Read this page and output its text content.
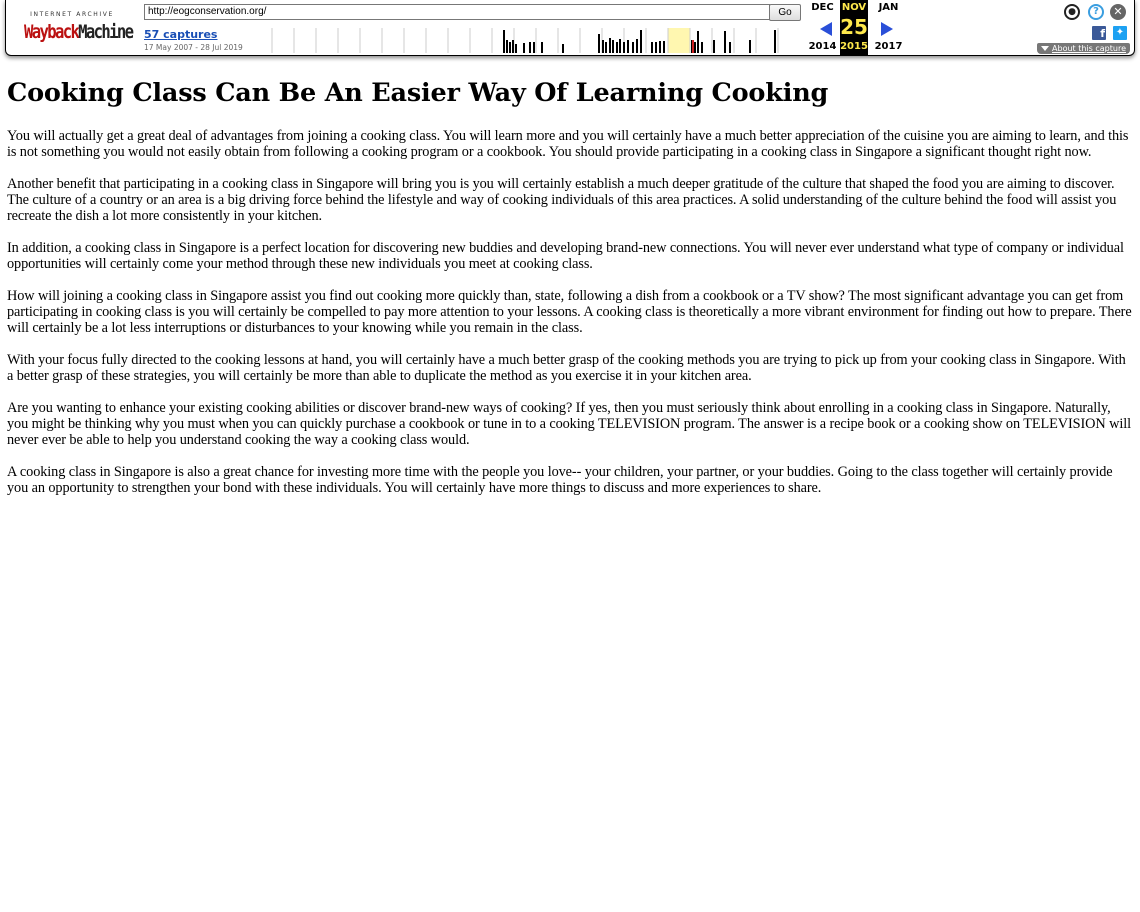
INTERNET ARCHIVE
WaybackMachine
http://eogconservation.org/	Go
57 captures
17 May 2007 - 28 Jul 2019
DEC
2014
NOV
25
2015
JAN
2017
●	?	✕
f ✦
About this capture
Cooking Class Can Be An Easier Way Of Learning Cooking

You will actually get a great deal of advantages from joining a cooking class. You will learn more and you will certainly have a much better appreciation of the cuisine you are aiming to learn, and this is not something you would not easily obtain from following a cooking program or a cookbook. You should provide participating in a cooking class in Singapore a significant thought right now.

Another benefit that participating in a cooking class in Singapore will bring you is you will certainly establish a much deeper gratitude of the culture that shaped the food you are aiming to discover. The culture of a country or an area is a big driving force behind the lifestyle and way of cooking individuals of this area practices. A solid understanding of the culture behind the food will assist you recreate the dish a lot more consistently in your kitchen.

In addition, a cooking class in Singapore is a perfect location for discovering new buddies and developing brand-new connections. You will never ever understand what type of company or individual opportunities will certainly come your method through these new individuals you meet at cooking class.

How will joining a cooking class in Singapore assist you find out cooking more quickly than, state, following a dish from a cookbook or a TV show? The most significant advantage you can get from participating in cooking class is you will certainly be compelled to pay more attention to your lessons. A cooking class is theoretically a more vibrant environment for finding out how to prepare. There will certainly be a lot less interruptions or disturbances to your knowing while you remain in the class.

With your focus fully directed to the cooking lessons at hand, you will certainly have a much better grasp of the cooking methods you are trying to pick up from your cooking class in Singapore. With a better grasp of these strategies, you will certainly be more than able to duplicate the method as you exercise it in your kitchen area.

Are you wanting to enhance your existing cooking abilities or discover brand-new ways of cooking? If yes, then you must seriously think about enrolling in a cooking class in Singapore. Naturally, you might be thinking why you must when you can quickly purchase a cookbook or tune in to a cooking TELEVISION program. The answer is a recipe book or a cooking show on TELEVISION will never ever be able to help you understand cooking the way a cooking class would.

A cooking class in Singapore is also a great chance for investing more time with the people you love-- your children, your partner, or your buddies. Going to the class together will certainly provide you an opportunity to strengthen your bond with these individuals. You will certainly have more things to discuss and more experiences to share.
